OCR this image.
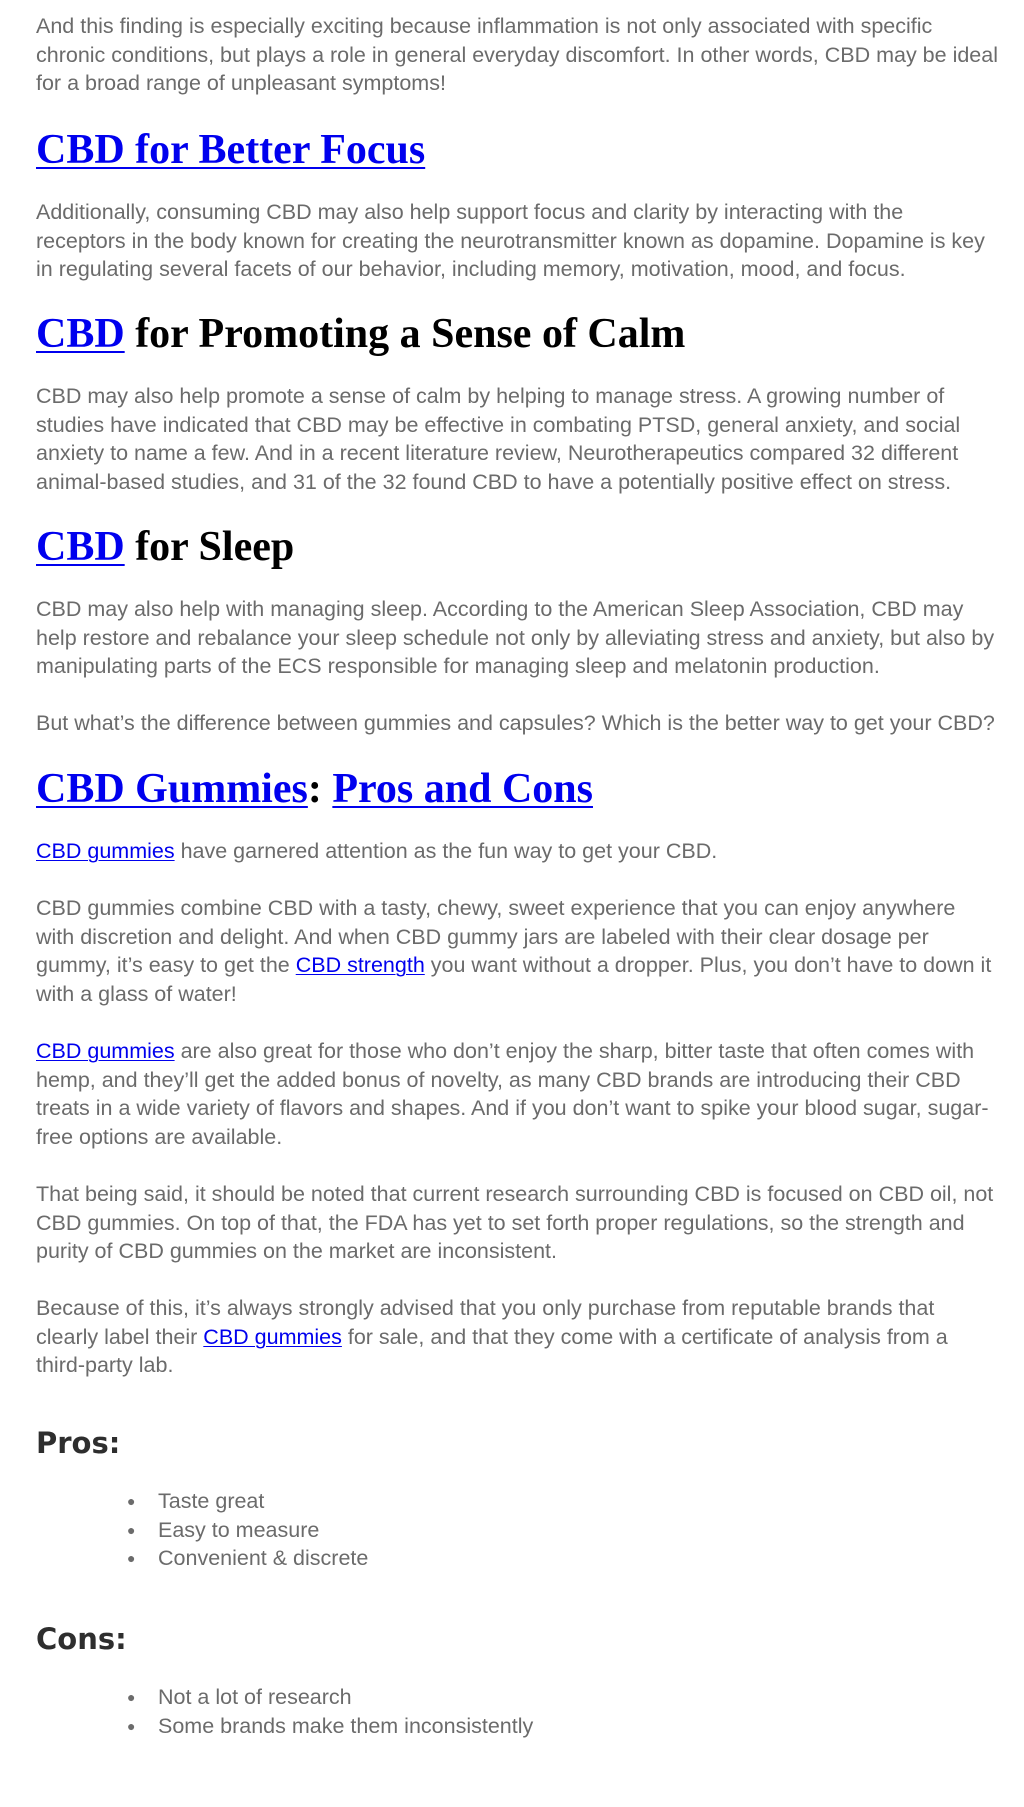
And this finding is especially exciting because inflammation is not only associated with specific chronic conditions, but plays a role in general everyday discomfort. In other words, CBD may be ideal for a broad range of unpleasant symptoms!

CBD for Better Focus

Additionally, consuming CBD may also help support focus and clarity by interacting with the receptors in the body known for creating the neurotransmitter known as dopamine. Dopamine is key in regulating several facets of our behavior, including memory, motivation, mood, and focus.

CBD for Promoting a Sense of Calm

CBD may also help promote a sense of calm by helping to manage stress. A growing number of studies have indicated that CBD may be effective in combating PTSD, general anxiety, and social anxiety to name a few. And in a recent literature review, Neurotherapeutics compared 32 different animal-based studies, and 31 of the 32 found CBD to have a potentially positive effect on stress.

CBD for Sleep

CBD may also help with managing sleep. According to the American Sleep Association, CBD may help restore and rebalance your sleep schedule not only by alleviating stress and anxiety, but also by manipulating parts of the ECS responsible for managing sleep and melatonin production.

But what’s the difference between gummies and capsules? Which is the better way to get your CBD?

CBD Gummies: Pros and Cons

CBD gummies have garnered attention as the fun way to get your CBD.

CBD gummies combine CBD with a tasty, chewy, sweet experience that you can enjoy anywhere with discretion and delight. And when CBD gummy jars are labeled with their clear dosage per gummy, it’s easy to get the CBD strength you want without a dropper. Plus, you don’t have to down it with a glass of water!

CBD gummies are also great for those who don’t enjoy the sharp, bitter taste that often comes with hemp, and they’ll get the added bonus of novelty, as many CBD brands are introducing their CBD treats in a wide variety of flavors and shapes. And if you don’t want to spike your blood sugar, sugar-free options are available.

That being said, it should be noted that current research surrounding CBD is focused on CBD oil, not CBD gummies. On top of that, the FDA has yet to set forth proper regulations, so the strength and purity of CBD gummies on the market are inconsistent.

Because of this, it’s always strongly advised that you only purchase from reputable brands that clearly label their CBD gummies for sale, and that they come with a certificate of analysis from a third-party lab.

Pros:
● Taste great
● Easy to measure
● Convenient & discrete
Cons:
● Not a lot of research
● Some brands make them inconsistently
